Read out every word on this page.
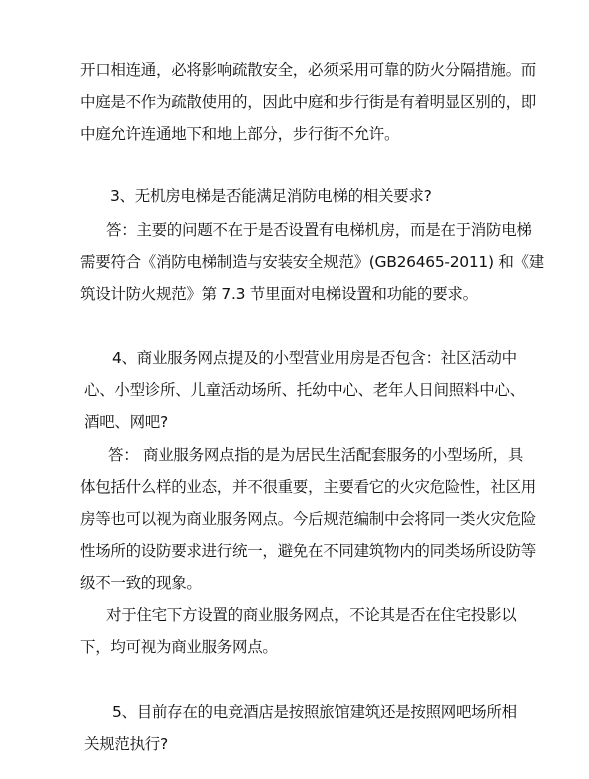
开口相连通，必将影响疏散安全，必须采用可靠的防火分隔措施。而
中庭是不作为疏散使用的，因此中庭和步行街是有着明显区别的，即
中庭允许连通地下和地上部分，步行街不允许。
3、无机房电梯是否能满足消防电梯的相关要求?
答：主要的问题不在于是否设置有电梯机房，而是在于消防电梯
需要符合《消防电梯制造与安装安全规范》(GB26465-2011) 和《建
筑设计防火规范》第 7.3 节里面对电梯设置和功能的要求。
4、商业服务网点提及的小型营业用房是否包含：社区活动中
心、小型诊所、儿童活动场所、托幼中心、老年人日间照料中心、
酒吧、网吧?
答： 商业服务网点指的是为居民生活配套服务的小型场所，具
体包括什么样的业态，并不很重要，主要看它的火灾危险性，社区用
房等也可以视为商业服务网点。今后规范编制中会将同一类火灾危险
性场所的设防要求进行统一，避免在不同建筑物内的同类场所设防等
级不一致的现象。
对于住宅下方设置的商业服务网点，不论其是否在住宅投影以
下，均可视为商业服务网点。
5、目前存在的电竞酒店是按照旅馆建筑还是按照网吧场所相
关规范执行?
